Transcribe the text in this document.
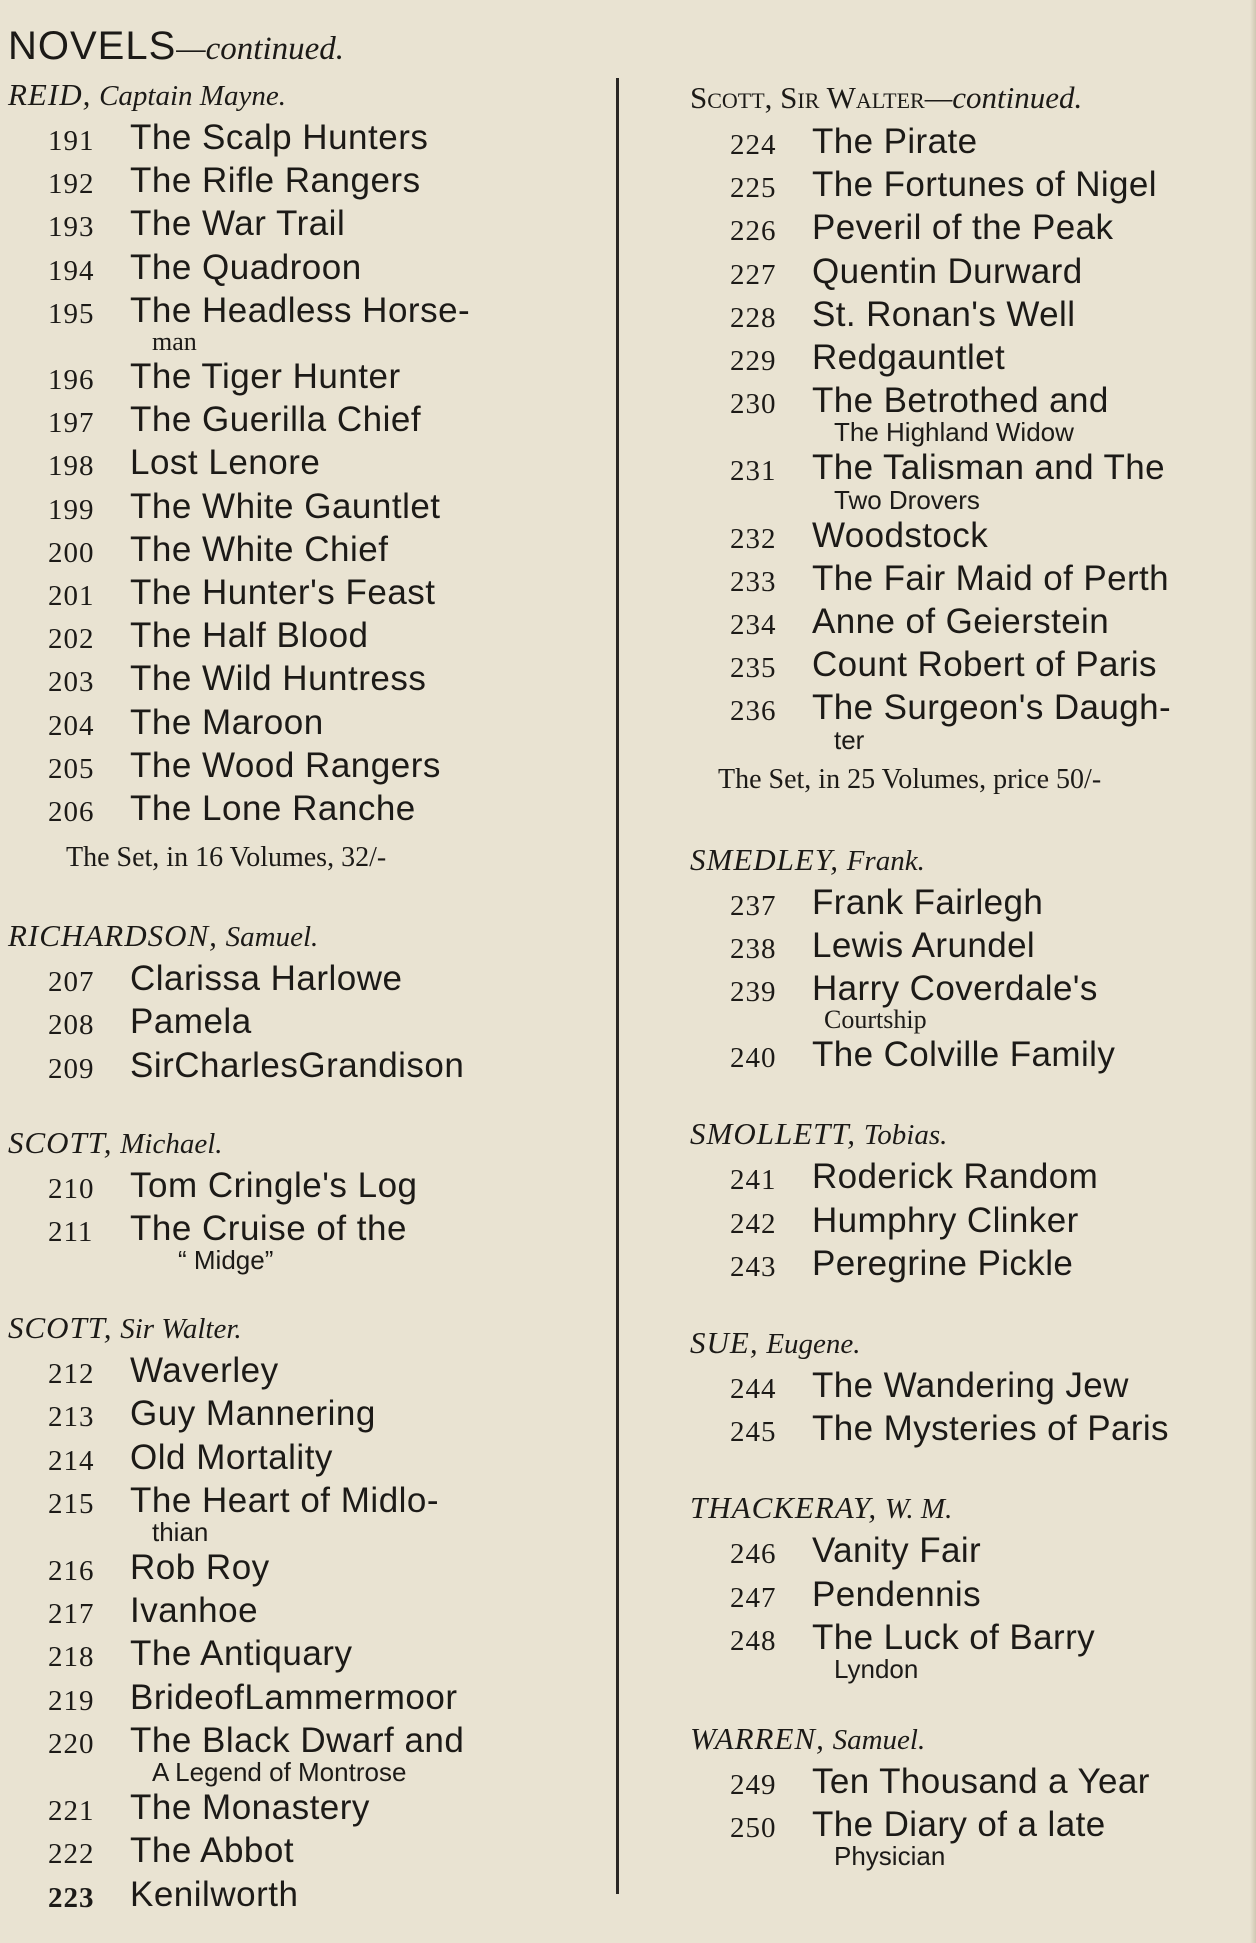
NOVELS—continued.
REID, Captain Mayne.
191	The Scalp Hunters
192	The Rifle Rangers
193	The War Trail
194	The Quadroon
195	The Headless Horse-
man
196	The Tiger Hunter
197	The Guerilla Chief
198	Lost Lenore
199	The White Gauntlet
200	The White Chief
201	The Hunter's Feast
202	The Half Blood
203	The Wild Huntress
204	The Maroon
205	The Wood Rangers
206	The Lone Ranche
The Set, in 16 Volumes, 32/-
RICHARDSON, Samuel.
207	Clarissa Harlowe
208	Pamela
209	SirCharlesGrandison
SCOTT, Michael.
210	Tom Cringle's Log
211	The Cruise of the
“ Midge”
SCOTT, Sir Walter.
212	Waverley
213	Guy Mannering
214	Old Mortality
215	The Heart of Midlo-
thian
216	Rob Roy
217	Ivanhoe
218	The Antiquary
219	BrideofLammermoor
220	The Black Dwarf and
A Legend of Montrose
221	The Monastery
222	The Abbot
223	Kenilworth
Scott, Sir Walter—continued.
224	The Pirate
225	The Fortunes of Nigel
226	Peveril of the Peak
227	Quentin Durward
228	St. Ronan's Well
229	Redgauntlet
230	The Betrothed and
The Highland Widow
231	The Talisman and The
Two Drovers
232	Woodstock
233	The Fair Maid of Perth
234	Anne of Geierstein
235	Count Robert of Paris
236	The Surgeon's Daugh-
ter
The Set, in 25 Volumes, price 50/-
SMEDLEY, Frank.
237	Frank Fairlegh
238	Lewis Arundel
239	Harry Coverdale's
Courtship
240	The Colville Family
SMOLLETT, Tobias.
241	Roderick Random
242	Humphry Clinker
243	Peregrine Pickle
SUE, Eugene.
244	The Wandering Jew
245	The Mysteries of Paris
THACKERAY, W. M.
246	Vanity Fair
247	Pendennis
248	The Luck of Barry
Lyndon
WARREN, Samuel.
249	Ten Thousand a Year
250	The Diary of a late
Physician
